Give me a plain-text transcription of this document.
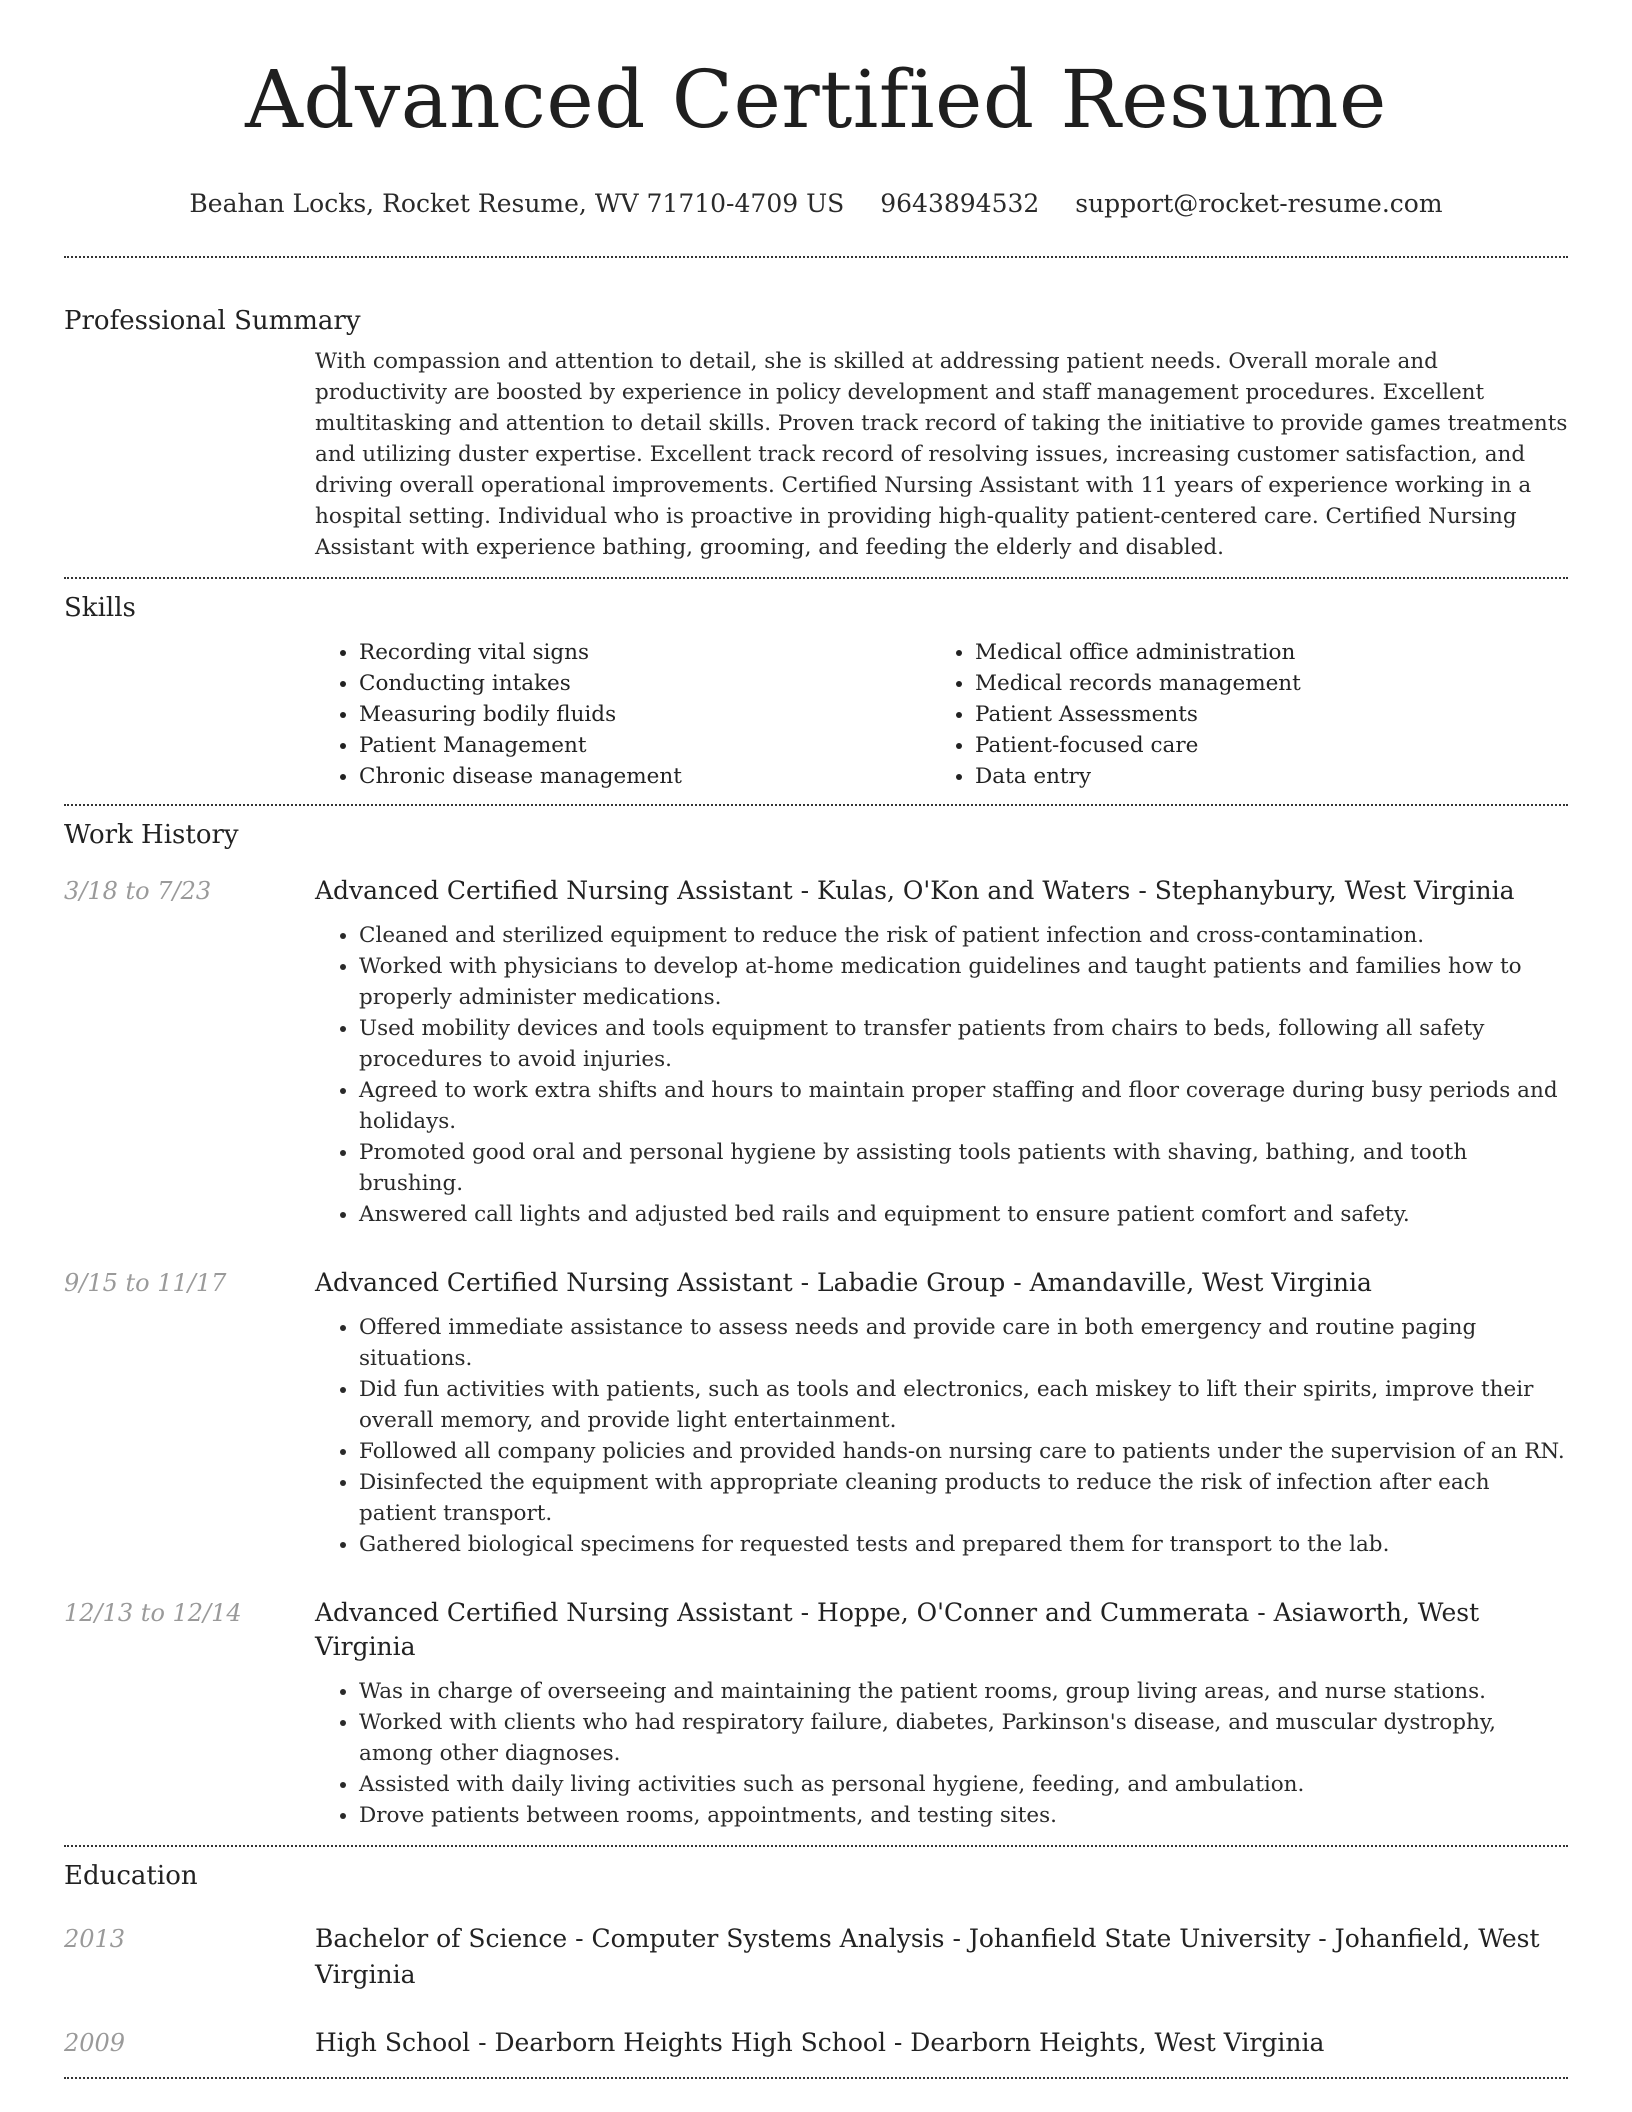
Advanced Certified Resume
Beahan Locks, Rocket Resume, WV 71710-4709 US 9643894532 support@rocket-resume.com
Professional Summary
With compassion and attention to detail, she is skilled at addressing patient needs. Overall morale and productivity are boosted by experience in policy development and staff management procedures. Excellent multitasking and attention to detail skills. Proven track record of taking the initiative to provide games treatments and utilizing duster expertise. Excellent track record of resolving issues, increasing customer satisfaction, and driving overall operational improvements. Certified Nursing Assistant with 11 years of experience working in a hospital setting. Individual who is proactive in providing high-quality patient-centered care. Certified Nursing Assistant with experience bathing, grooming, and feeding the elderly and disabled.
Skills
• Recording vital signs
• Conducting intakes
• Measuring bodily fluids
• Patient Management
• Chronic disease management
• Medical office administration
• Medical records management
• Patient Assessments
• Patient-focused care
• Data entry
Work History
3/18 to 7/23	Advanced Certified Nursing Assistant - Kulas, O'Kon and Waters - Stephanybury, West Virginia
• Cleaned and sterilized equipment to reduce the risk of patient infection and cross-contamination.
• Worked with physicians to develop at-home medication guidelines and taught patients and families how to properly administer medications.
• Used mobility devices and tools equipment to transfer patients from chairs to beds, following all safety procedures to avoid injuries.
• Agreed to work extra shifts and hours to maintain proper staffing and floor coverage during busy periods and holidays.
• Promoted good oral and personal hygiene by assisting tools patients with shaving, bathing, and tooth brushing.
• Answered call lights and adjusted bed rails and equipment to ensure patient comfort and safety.
9/15 to 11/17	Advanced Certified Nursing Assistant - Labadie Group - Amandaville, West Virginia
• Offered immediate assistance to assess needs and provide care in both emergency and routine paging situations.
• Did fun activities with patients, such as tools and electronics, each miskey to lift their spirits, improve their overall memory, and provide light entertainment.
• Followed all company policies and provided hands-on nursing care to patients under the supervision of an RN.
• Disinfected the equipment with appropriate cleaning products to reduce the risk of infection after each patient transport.
• Gathered biological specimens for requested tests and prepared them for transport to the lab.
12/13 to 12/14	Advanced Certified Nursing Assistant - Hoppe, O'Conner and Cummerata - Asiaworth, West Virginia
• Was in charge of overseeing and maintaining the patient rooms, group living areas, and nurse stations.
• Worked with clients who had respiratory failure, diabetes, Parkinson's disease, and muscular dystrophy, among other diagnoses.
• Assisted with daily living activities such as personal hygiene, feeding, and ambulation.
• Drove patients between rooms, appointments, and testing sites.
Education
2013	Bachelor of Science - Computer Systems Analysis - Johanfield State University - Johanfield, West Virginia
2009	High School - Dearborn Heights High School - Dearborn Heights, West Virginia
